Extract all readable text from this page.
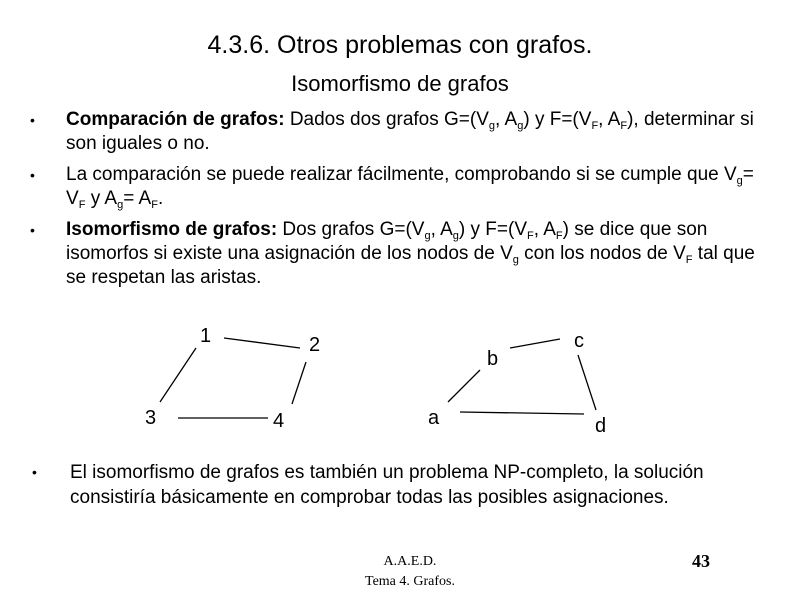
4.3.6. Otros problemas con grafos.
Isomorfismo de grafos
• Comparación de grafos: Dados dos grafos $G=(V_g$, $A_g$) y $F=(V_F$, $A_F$), determinar si son iguales o no.
• La comparación se puede realizar fácilmente, comprobando si se cumple que $V_g= V_F$ y $A_g= A_F$.
• Isomorfismo de grafos: Dos grafos $G=(V_g$, $A_g$) y $F=(V_F$, $A_F$) se dice que son isomorfos si existe una asignación de los nodos de $V_g$ con los nodos de $V_F$ tal que se respetan las aristas.
1	2
3	4	a
b
c
d
• El isomorfismo de grafos es también un problema NP-completo, la solución consistiría básicamente en comprobar todas las posibles asignaciones.
A.A.E.D.
Tema 4. Grafos.
43
